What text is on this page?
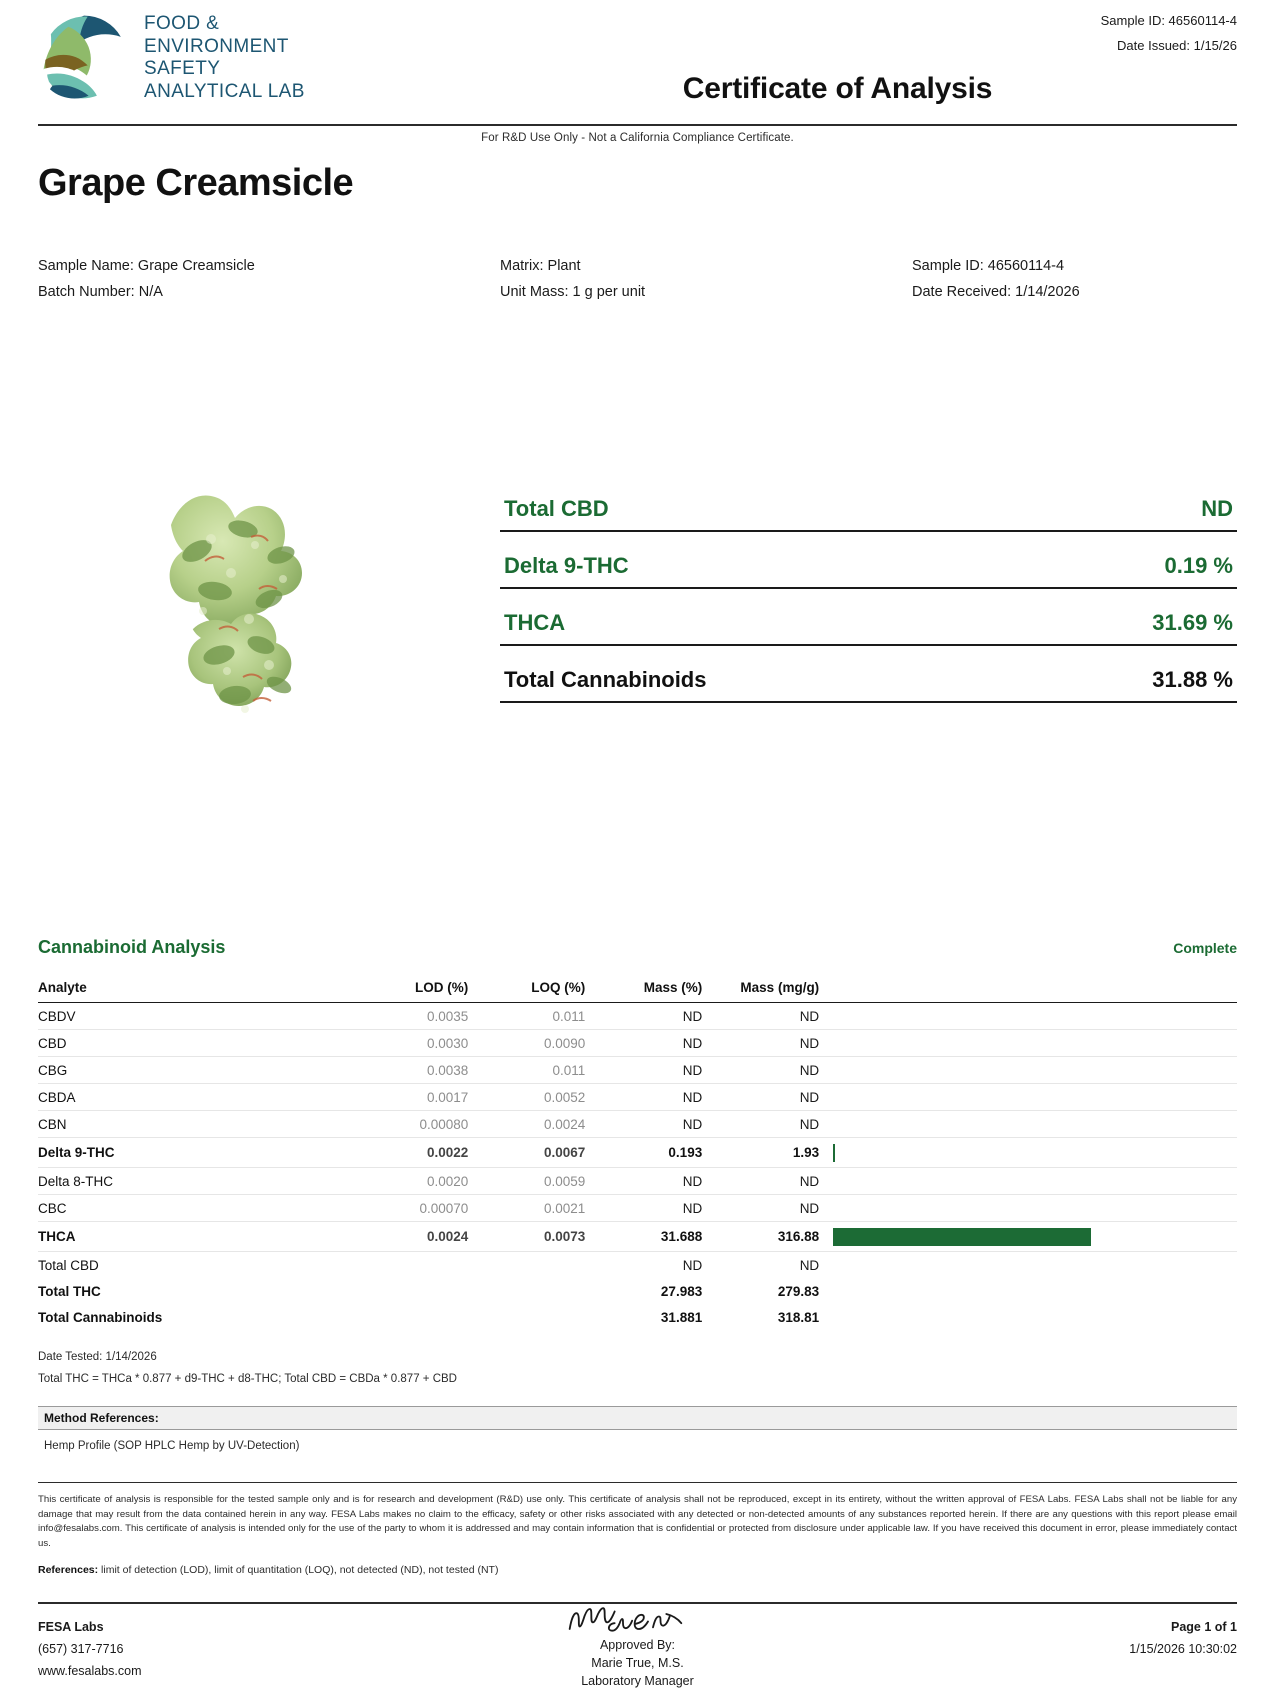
FOOD &
ENVIRONMENT
SAFETY
ANALYTICAL LAB	Certificate of Analysis
Sample ID: 46560114-4
Date Issued: 1/15/26
For R&D Use Only - Not a California Compliance Certificate.
Grape Creamsicle
Sample Name: Grape Creamsicle
Batch Number: N/A
Matrix: Plant
Unit Mass: 1 g per unit
Sample ID: 46560114-4
Date Received: 1/14/2026
Total CBD	ND
Delta 9-THC	0.19 %
THCA	31.69 %
Total Cannabinoids	31.88 %
Cannabinoid Analysis	Complete
Analyte	LOD (%)	LOQ (%)	Mass (%)	Mass (mg/g)	
CBDV	0.0035	0.011	ND	ND	
CBD	0.0030	0.0090	ND	ND	
CBG	0.0038	0.011	ND	ND	
CBDA	0.0017	0.0052	ND	ND	
CBN	0.00080	0.0024	ND	ND	
Delta 9-THC	0.0022	0.0067	0.193	1.93	
Delta 8-THC	0.0020	0.0059	ND	ND	
CBC	0.00070	0.0021	ND	ND	
THCA	0.0024	0.0073	31.688	316.88	
Total CBD			ND	ND	
Total THC			27.983	279.83	
Total Cannabinoids			31.881	318.81	
Date Tested: 1/14/2026
Total THC = THCa * 0.877 + d9-THC + d8-THC; Total CBD = CBDa * 0.877 + CBD
Method References:
Hemp Profile (SOP HPLC Hemp by UV-Detection)
This certificate of analysis is responsible for the tested sample only and is for research and development (R&D) use only. This certificate of analysis shall not be reproduced, except in its entirety, without the written approval of FESA Labs. FESA Labs shall not be liable for any damage that may result from the data contained herein in any way. FESA Labs makes no claim to the efficacy, safety or other risks associated with any detected or non-detected amounts of any substances reported herein. If there are any questions with this report please email info@fesalabs.com. This certificate of analysis is intended only for the use of the party to whom it is addressed and may contain information that is confidential or protected from disclosure under applicable law. If you have received this document in error, please immediately contact us.
References: limit of detection (LOD), limit of quantitation (LOQ), not detected (ND), not tested (NT)
FESA Labs
(657) 317-7716
www.fesalabs.com
Approved By:
Marie True, M.S.
Laboratory Manager
Page 1 of 1
1/15/2026 10:30:02
